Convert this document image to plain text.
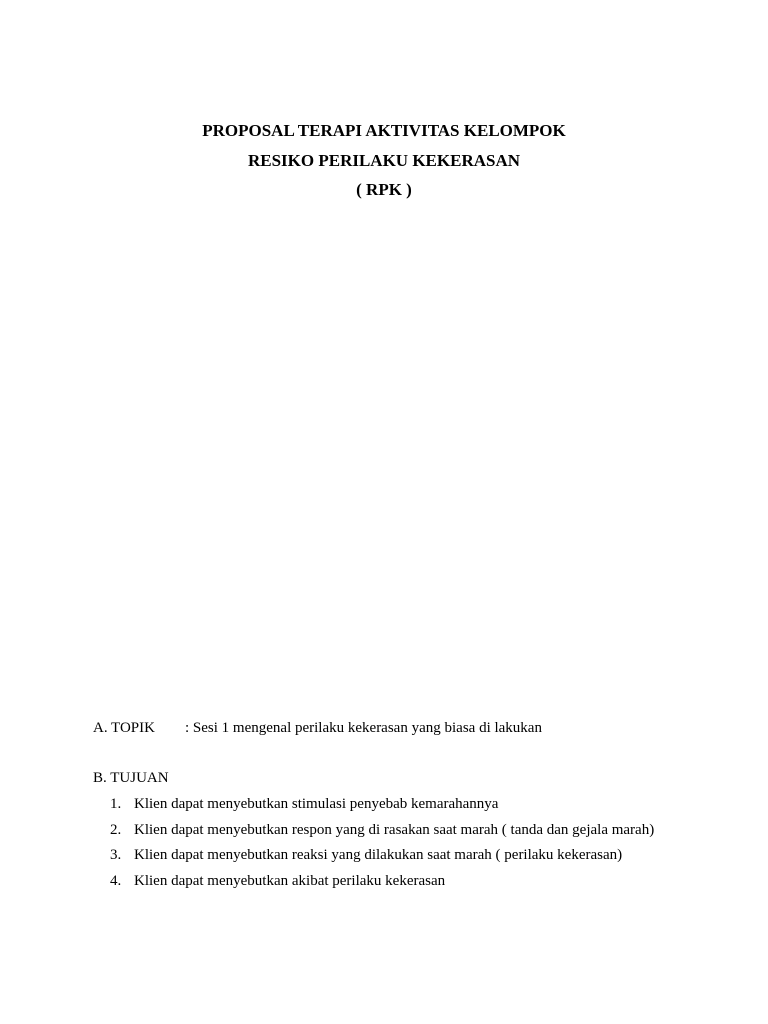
PROPOSAL TERAPI AKTIVITAS KELOMPOK
RESIKO PERILAKU KEKERASAN
( RPK )
A. TOPIK : Sesi 1 mengenal perilaku kekerasan yang biasa di lakukan
B. TUJUAN
1. Klien dapat menyebutkan stimulasi penyebab kemarahannya
2. Klien dapat menyebutkan respon yang di rasakan saat marah ( tanda dan gejala marah)
3. Klien dapat menyebutkan reaksi yang dilakukan saat marah ( perilaku kekerasan)
4. Klien dapat menyebutkan akibat perilaku kekerasan
